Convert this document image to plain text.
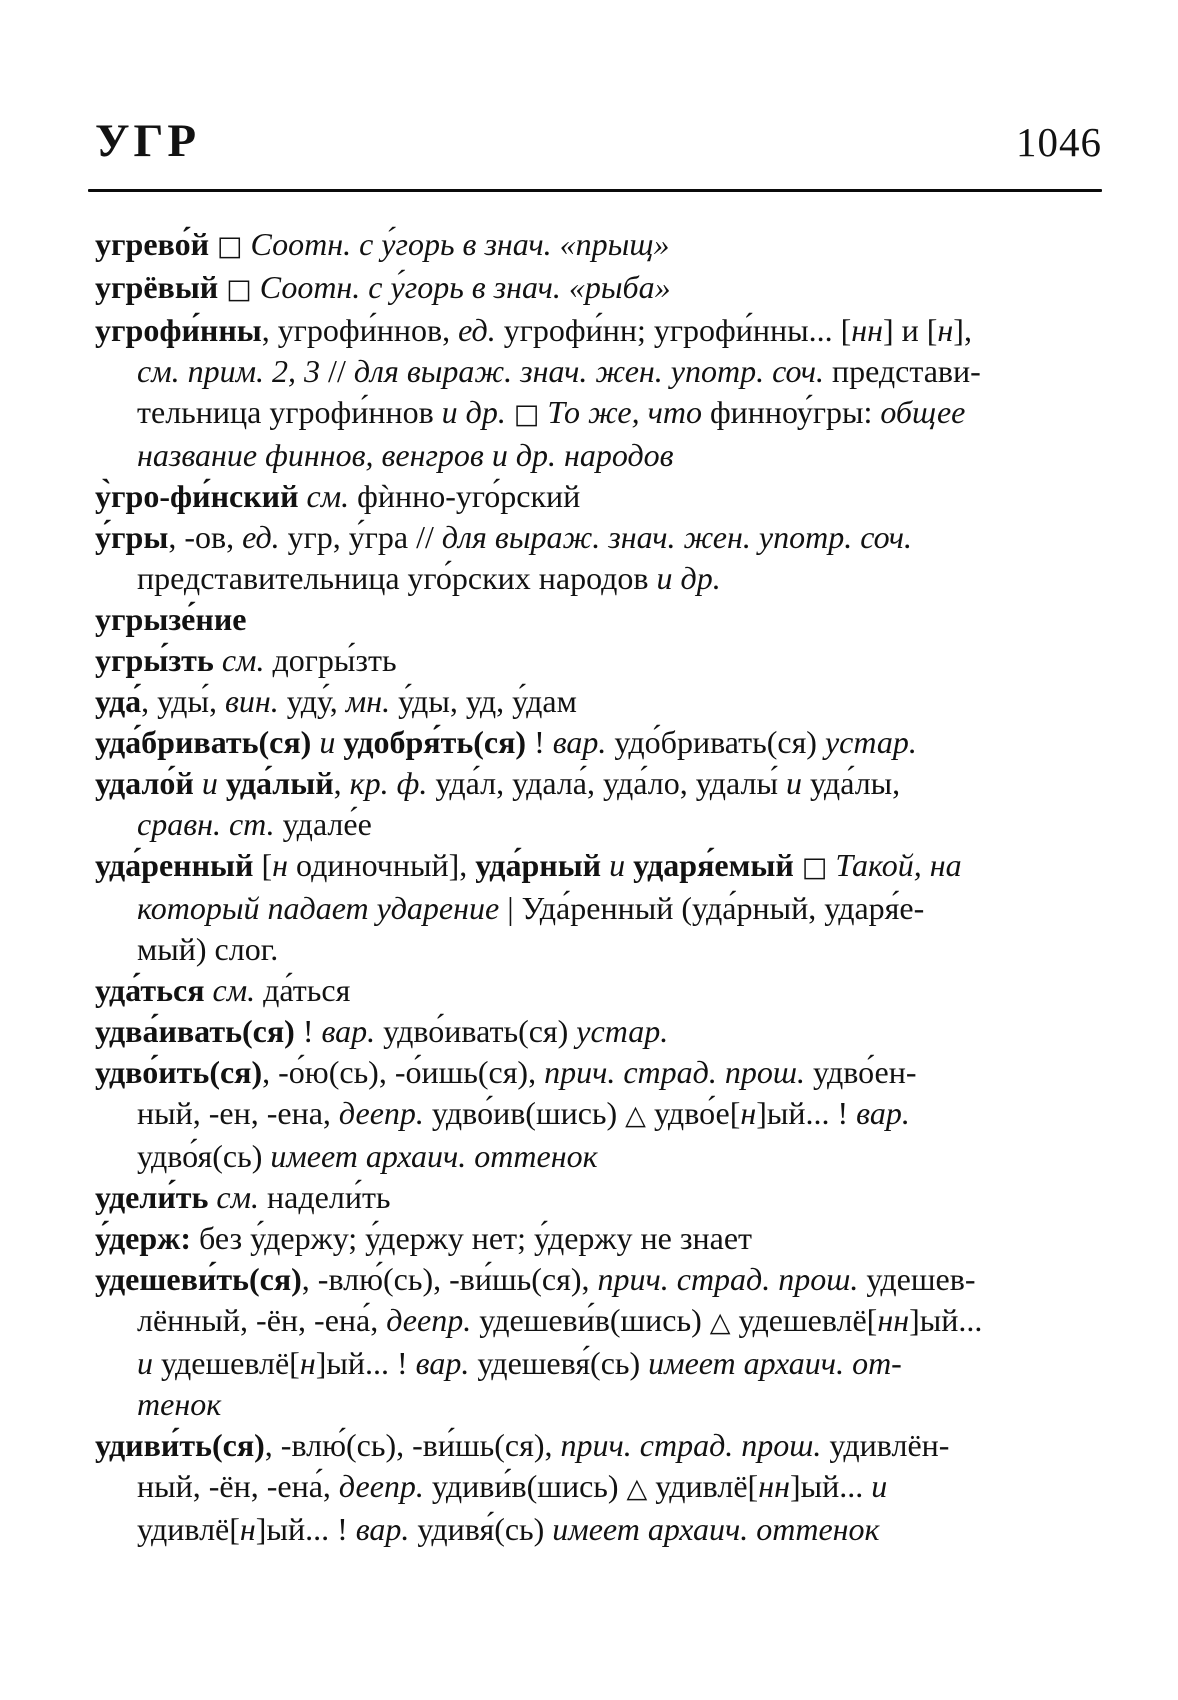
УГР	1046
угрево́й □ Соотн. с у́горь в знач. «прыщ»
угрёвый □ Соотн. с у́горь в знач. «рыба»
угрофи́нны, угрофи́ннов, ед. угрофи́нн; угрофи́нны... [нн] и [н],
см. прим. 2, 3 // для выраж. знач. жен. употр. соч. представи-
тельница угрофи́ннов и др. □ То же, что финноу́гры: общее
название финнов, венгров и др. народов
у̀гро-фи́нский см. фѝнно-уго́рский
у́гры, -ов, ед. угр, у́гра // для выраж. знач. жен. употр. соч.
представительница уго́рских народов и др.
угрызе́ние
угры́зть см. догры́зть
уда́, уды́, вин. уду́, мн. у́ды, уд, у́дам
уда́бривать(ся) и удобря́ть(ся) ! вар. удо́бривать(ся) устар.
удало́й и уда́лый, кр. ф. уда́л, удала́, уда́ло, удалы́ и уда́лы,
сравн. ст. удале́е
уда́ренный [н одиночный], уда́рный и ударя́емый □ Такой, на
который падает ударение | Уда́ренный (уда́рный, ударя́е-
мый) слог.
уда́ться см. да́ться
удва́ивать(ся) ! вар. удво́ивать(ся) устар.
удво́ить(ся), -о́ю(сь), -о́ишь(ся), прич. страд. прош. удво́ен-
ный, -ен, -ена, деепр. удво́ив(шись) △ удво́е[н]ый... ! вар.
удво́я(сь) имеет архаич. оттенок
удели́ть см. надели́ть
у́держ: без у́держу; у́держу нет; у́держу не знает
удешеви́ть(ся), -влю́(сь), -ви́шь(ся), прич. страд. прош. удешев-
лённый, -ён, -ена́, деепр. удешеви́в(шись) △ удешевлё[нн]ый...
и удешевлё[н]ый... ! вар. удешевя́(сь) имеет архаич. от-
тенок
удиви́ть(ся), -влю́(сь), -ви́шь(ся), прич. страд. прош. удивлён-
ный, -ён, -ена́, деепр. удиви́в(шись) △ удивлё[нн]ый... и
удивлё[н]ый... ! вар. удивя́(сь) имеет архаич. оттенок
